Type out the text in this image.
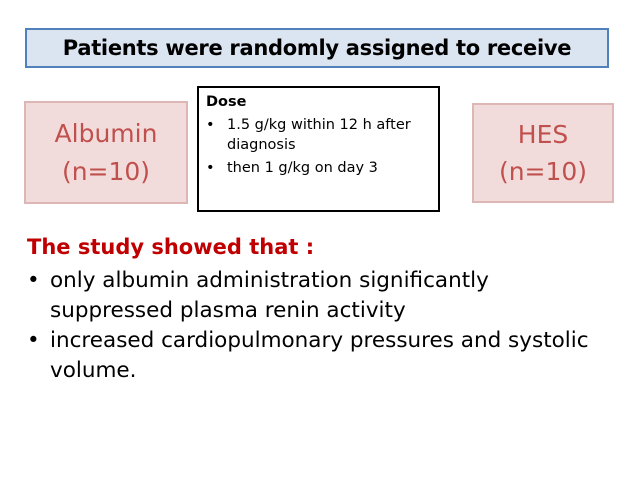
Patients were randomly assigned to receive
Albumin
(n=10)
Dose
• 1.5 g/kg within 12 h after diagnosis
• then 1 g/kg on day 3
HES
(n=10)
The study showed that :
• only albumin administration significantly suppressed plasma renin activity
• increased cardiopulmonary pressures and systolic volume.
